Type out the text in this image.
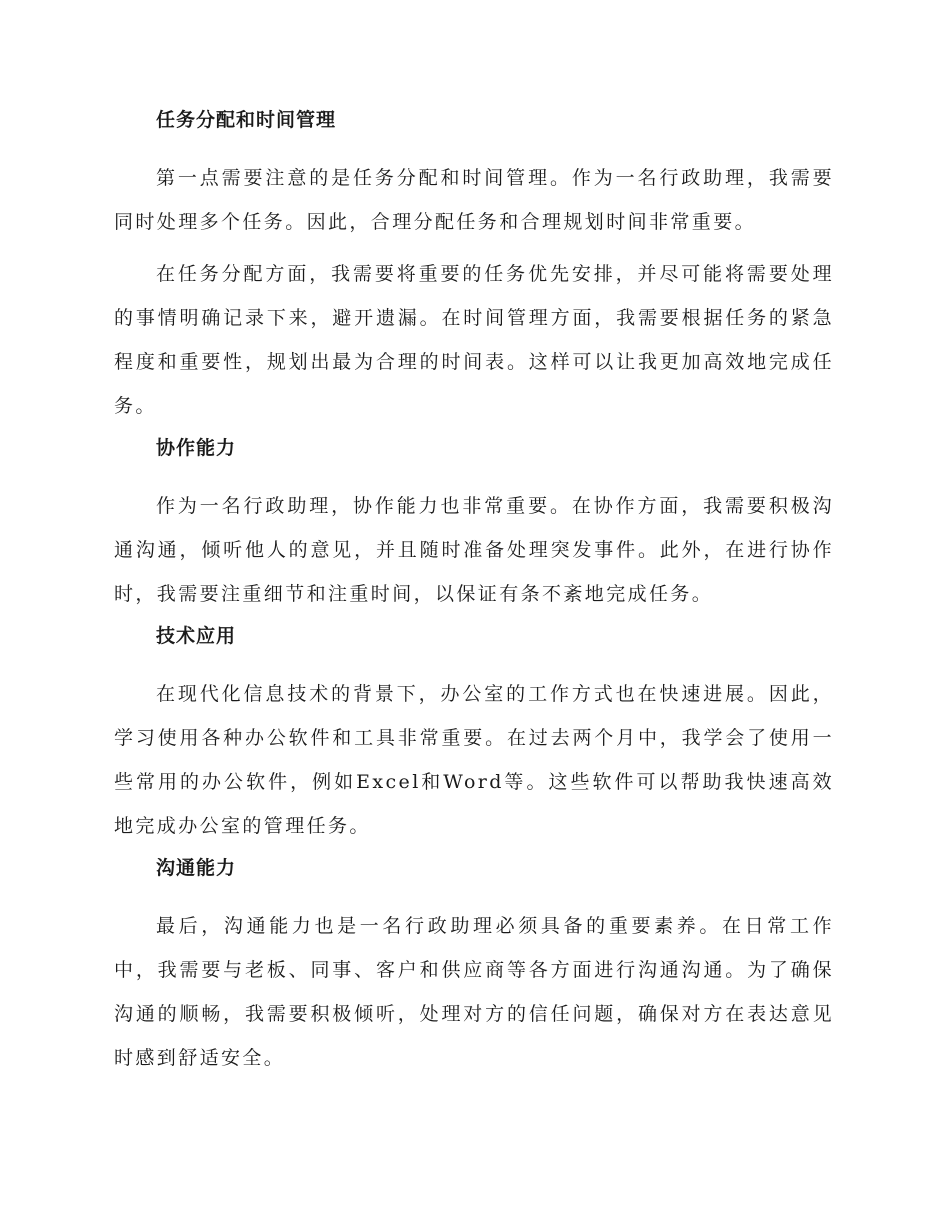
任务分配和时间管理

第一点需要注意的是任务分配和时间管理。作为一名行政助理，我需要同时处理多个任务。因此，合理分配任务和合理规划时间非常重要。

在任务分配方面，我需要将重要的任务优先安排，并尽可能将需要处理的事情明确记录下来，避开遗漏。在时间管理方面，我需要根据任务的紧急程度和重要性，规划出最为合理的时间表。这样可以让我更加高效地完成任务。

协作能力

作为一名行政助理，协作能力也非常重要。在协作方面，我需要积极沟通沟通，倾听他人的意见，并且随时准备处理突发事件。此外，在进行协作时，我需要注重细节和注重时间，以保证有条不紊地完成任务。

技术应用

在现代化信息技术的背景下，办公室的工作方式也在快速进展。因此，学习使用各种办公软件和工具非常重要。在过去两个月中，我学会了使用一些常用的办公软件，例如Excel和Word等。这些软件可以帮助我快速高效地完成办公室的管理任务。

沟通能力

最后，沟通能力也是一名行政助理必须具备的重要素养。在日常工作中，我需要与老板、同事、客户和供应商等各方面进行沟通沟通。为了确保沟通的顺畅，我需要积极倾听，处理对方的信任问题，确保对方在表达意见时感到舒适安全。
